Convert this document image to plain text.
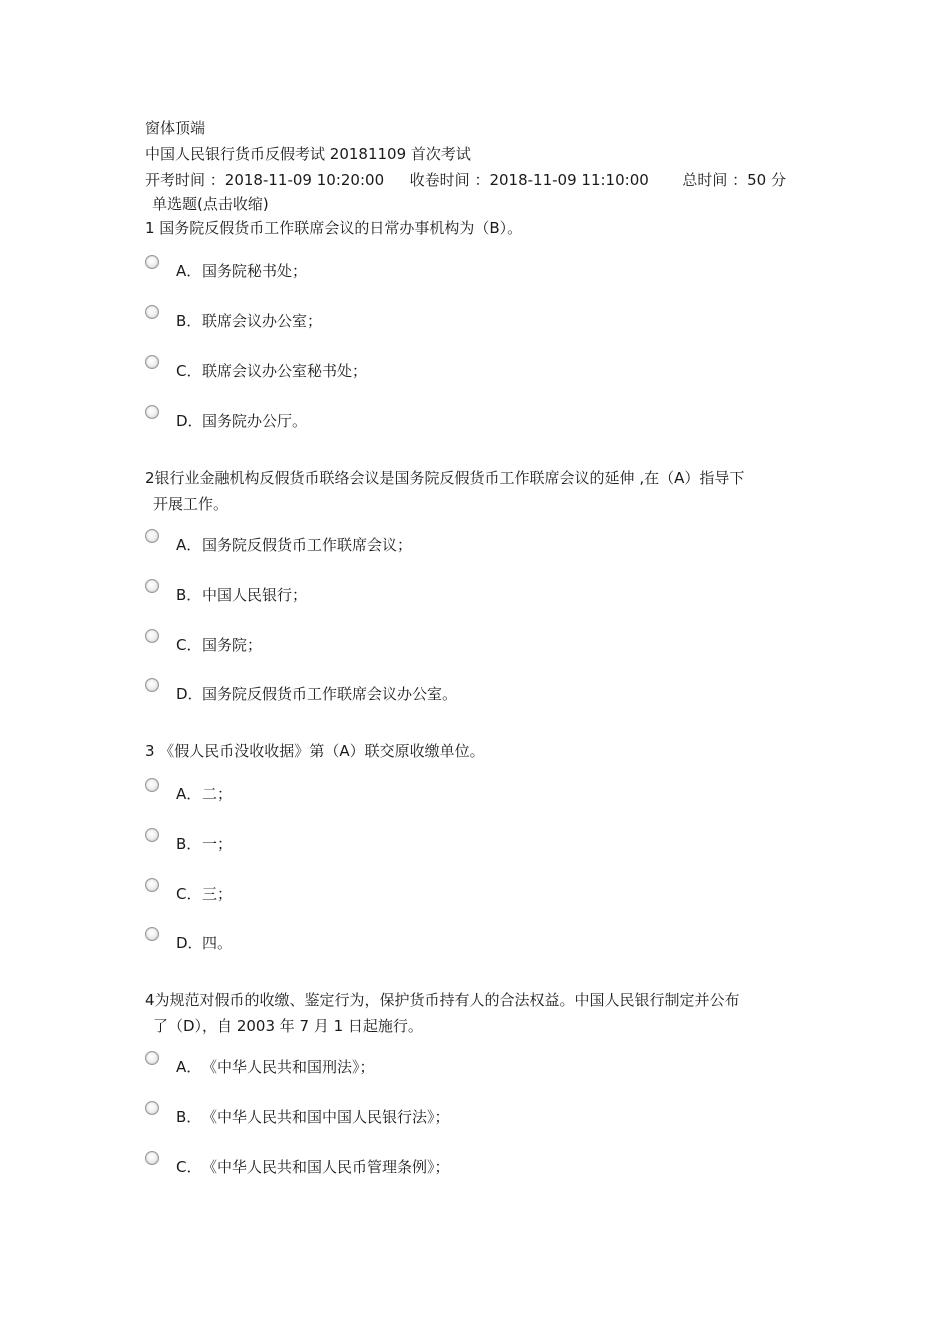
窗体顶端
中国人民银行货币反假考试 20181109 首次考试
开考时间 ：2018-11-09 10:20:00 收卷时间 ：2018-11-09 11:10:00 总时间 ：50 分
单选题(点击收缩)
1 国务院反假货币工作联席会议的日常办事机构为（B）。
A． 国务院秘书处；
B． 联席会议办公室；
C． 联席会议办公室秘书处；
D． 国务院办公厅。
2银行业金融机构反假货币联络会议是国务院反假货币工作联席会议的延伸 ,在（A）指导下
开展工作。
A． 国务院反假货币工作联席会议；
B． 中国人民银行；
C． 国务院；
D． 国务院反假货币工作联席会议办公室。
3 《假人民币没收收据》第（A）联交原收缴单位。
A． 二；
B． 一；
C． 三；
D． 四。
4为规范对假币的收缴、鉴定行为，保护货币持有人的合法权益。中国人民银行制定并公布
了（D），自 2003 年 7 月 1 日起施行。
A． 《中华人民共和国刑法》；
B． 《中华人民共和国中国人民银行法》；
C． 《中华人民共和国人民币管理条例》；
